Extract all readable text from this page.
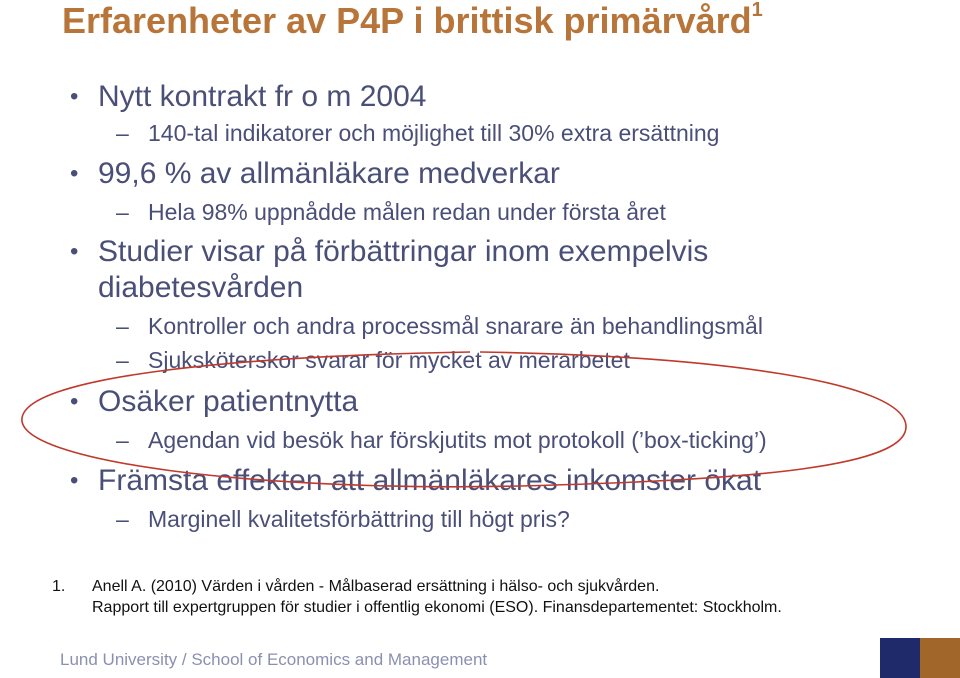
Erfarenheter av P4P i brittisk primärvård$^1$

• Nytt kontrakt fr o m 2004

– 140-tal indikatorer och möjlighet till 30% extra ersättning

• 99,6 % av allmänläkare medverkar

– Hela 98% uppnådde målen redan under första året

• Studier visar på förbättringar inom exempelvis

diabetesvården

– Kontroller och andra processmål snarare än behandlingsmål

– Sjuksköterskor svarar för mycket av merarbetet

• Osäker patientnytta

– Agendan vid besök har förskjutits mot protokoll (’box-ticking’)

• Främsta effekten att allmänläkares inkomster ökat

– Marginell kvalitetsförbättring till högt pris?

1. Anell A. (2010) Värden i vården - Målbaserad ersättning i hälso- och sjukvården.
Rapport till expertgruppen för studier i offentlig ekonomi (ESO). Finansdepartementet: Stockholm.
Lund University / School of Economics and Management
